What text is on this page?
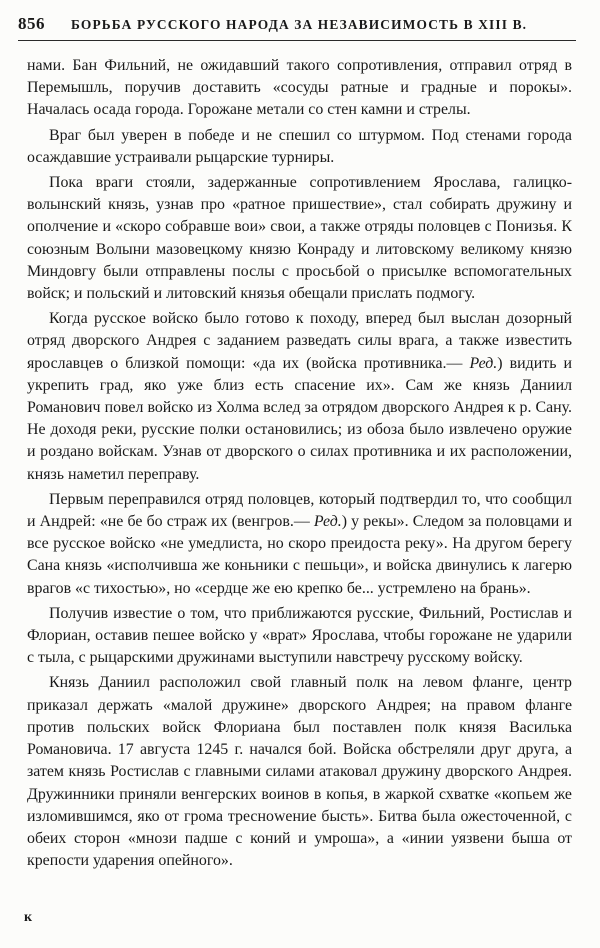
856 БОРЬБА РУССКОГО НАРОДА ЗА НЕЗАВИСИМОСТЬ В XIII В.

нами. Бан Фильний, не ожидавший такого сопротивления, отправил отряд в Перемышль, поручив доставить «сосуды ратные и градные и порокы». Началась осада города. Горожане метали со стен камни и стрелы.

Враг был уверен в победе и не спешил со штурмом. Под стенами города осаждавшие устраивали рыцарские турниры.

Пока враги стояли, задержанные сопротивлением Ярослава, галицко-волынский князь, узнав про «ратное пришествие», стал собирать дружину и ополчение и «скоро собравше вои» свои, а также отряды половцев с Понизья. К союзным Волыни мазовецкому князю Конраду и литовскому великому князю Миндовгу были отправлены послы с просьбой о присылке вспомогательных войск; и польский и литовский князья обещали прислать подмогу.

Когда русское войско было готово к походу, вперед был выслан дозорный отряд дворского Андрея с заданием разведать силы врага, а также известить ярославцев о близкой помощи: «да их (войска противника.— Ред.) видить и укрепить град, яко уже близ есть спасение их». Сам же князь Даниил Романович повел войско из Холма вслед за отрядом дворского Андрея к р. Сану. Не доходя реки, русские полки остановились; из обоза было извлечено оружие и роздано войскам. Узнав от дворского о силах противника и их расположении, князь наметил переправу.

Первым переправился отряд половцев, который подтвердил то, что сообщил и Андрей: «не бе бо страж их (венгров.— Ред.) у рекы». Следом за половцами и все русское войско «не умедлиста, но скоро преидоста реку». На другом берегу Сана князь «исполчивша же коньники с пешьци», и войска двинулись к лагерю врагов «с тихостью», но «сердце же ею крепко бе... устремлено на брань».

Получив известие о том, что приближаются русские, Фильний, Ростислав и Флориан, оставив пешее войско у «врат» Ярослава, чтобы горожане не ударили с тыла, с рыцарскими дружинами выступили навстречу русскому войску.

Князь Даниил расположил свой главный полк на левом фланге, центр приказал держать «малой дружине» дворского Андрея; на правом фланге против польских войск Флориана был поставлен полк князя Василька Романовича. 17 августа 1245 г. начался бой. Войска обстреляли друг друга, а затем князь Ростислав с главными силами атаковал дружину дворского Андрея. Дружинники приняли венгерских воинов в копья, в жаркой схватке «копьем же изломившимся, яко от грома треснowение бысть». Битва была ожесточенной, с обеих сторон «мнози падше с коний и умроша», а «инии уязвени быша от крепости ударения опейного».

к
